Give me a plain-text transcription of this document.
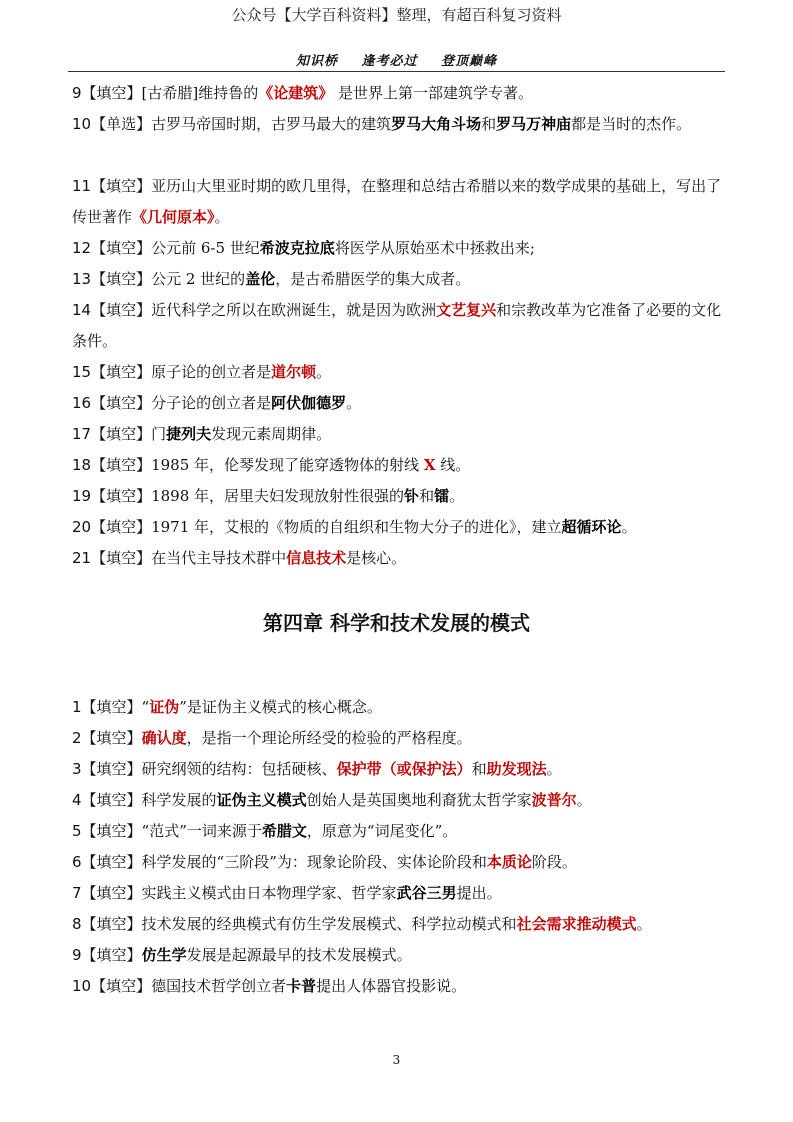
公众号【大学百科资料】整理，有超百科复习资料
知识桥 逢考必过 登顶巅峰
9【填空】[古希腊]维持鲁的《论建筑》 是世界上第一部建筑学专著。
10【单选】古罗马帝国时期，古罗马最大的建筑罗马大角斗场和罗马万神庙都是当时的杰作。
11【填空】亚历山大里亚时期的欧几里得，在整理和总结古希腊以来的数学成果的基础上，写出了传世著作《几何原本》。
12【填空】公元前 6-5 世纪希波克拉底将医学从原始巫术中拯救出来;
13【填空】公元 2 世纪的盖伦，是古希腊医学的集大成者。
14【填空】近代科学之所以在欧洲诞生，就是因为欧洲文艺复兴和宗教改革为它准备了必要的文化条件。
15【填空】原子论的创立者是道尔顿。
16【填空】分子论的创立者是阿伏伽德罗。
17【填空】门捷列夫发现元素周期律。
18【填空】1985 年，伦琴发现了能穿透物体的射线 X 线。
19【填空】1898 年，居里夫妇发现放射性很强的钋和镭。
20【填空】1971 年，艾根的《物质的自组织和生物大分子的进化》，建立超循环论。
21【填空】在当代主导技术群中信息技术是核心。
第四章 科学和技术发展的模式
1【填空】“证伪”是证伪主义模式的核心概念。
2【填空】确认度，是指一个理论所经受的检验的严格程度。
3【填空】研究纲领的结构：包括硬核、保护带（或保护法）和助发现法。
4【填空】科学发展的证伪主义模式创始人是英国奥地利裔犹太哲学家波普尔。
5【填空】“范式”一词来源于希腊文，原意为“词尾变化”。
6【填空】科学发展的“三阶段”为：现象论阶段、实体论阶段和本质论阶段。
7【填空】实践主义模式由日本物理学家、哲学家武谷三男提出。
8【填空】技术发展的经典模式有仿生学发展模式、科学拉动模式和社会需求推动模式。
9【填空】仿生学发展是起源最早的技术发展模式。
10【填空】德国技术哲学创立者卡普提出人体器官投影说。
3
